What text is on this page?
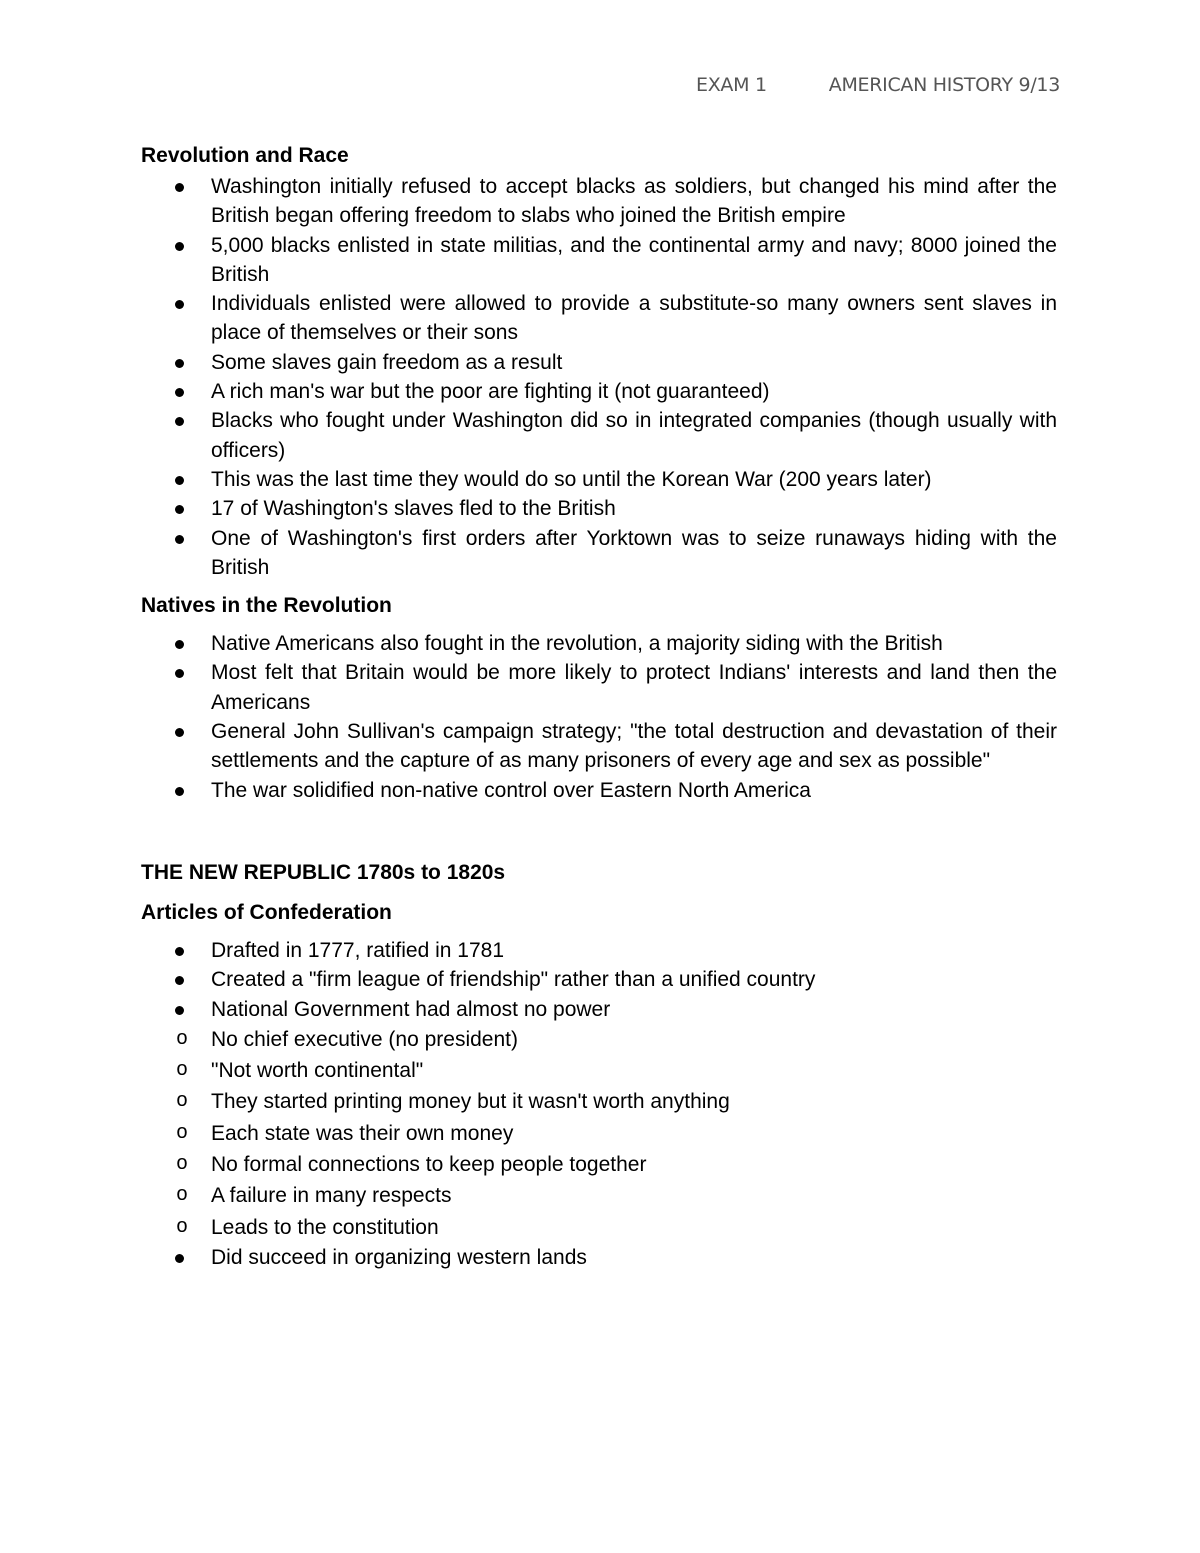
EXAM 1	AMERICAN HISTORY 9/13
Revolution and Race
Washington initially refused to accept blacks as soldiers, but changed his mind after the British began offering freedom to slabs who joined the British empire
5,000 blacks enlisted in state militias, and the continental army and navy; 8000 joined the British
Individuals enlisted were allowed to provide a substitute-so many owners sent slaves in place of themselves or their sons
Some slaves gain freedom as a result
A rich man's war but the poor are fighting it (not guaranteed)
Blacks who fought under Washington did so in integrated companies (though usually with officers)
This was the last time they would do so until the Korean War (200 years later)
17 of Washington's slaves fled to the British
One of Washington's first orders after Yorktown was to seize runaways hiding with the British
Natives in the Revolution
Native Americans also fought in the revolution, a majority siding with the British
Most felt that Britain would be more likely to protect Indians' interests and land then the Americans
General John Sullivan's campaign strategy; "the total destruction and devastation of their settlements and the capture of as many prisoners of every age and sex as possible"
The war solidified non-native control over Eastern North America
THE NEW REPUBLIC 1780s to 1820s
Articles of Confederation
Drafted in 1777, ratified in 1781
Created a "firm league of friendship" rather than a unified country
National Government had almost no power
o No chief executive (no president)
o "Not worth continental"
o They started printing money but it wasn't worth anything
o Each state was their own money
o No formal connections to keep people together
o A failure in many respects
o Leads to the constitution
Did succeed in organizing western lands
